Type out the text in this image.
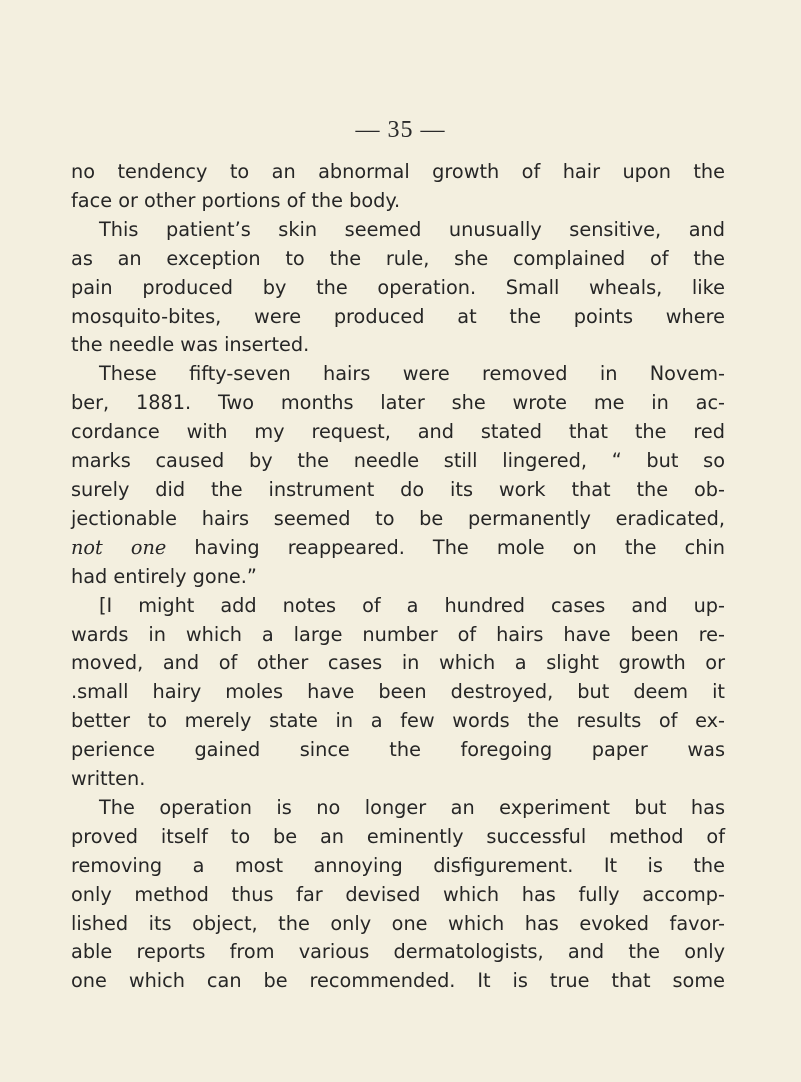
— 35 —
no tendency to an abnormal growth of hair upon the
face or other portions of the body.
This patient’s skin seemed unusually sensitive, and
as an exception to the rule, she complained of the
pain produced by the operation. Small wheals, like
mosquito-bites, were produced at the points where
the needle was inserted.
These fifty-seven hairs were removed in Novem-
ber, 1881. Two months later she wrote me in ac-
cordance with my request, and stated that the red
marks caused by the needle still lingered, “ but so
surely did the instrument do its work that the ob-
jectionable hairs seemed to be permanently eradicated,
not one having reappeared. The mole on the chin
had entirely gone.”
[I might add notes of a hundred cases and up-
wards in which a large number of hairs have been re-
moved, and of other cases in which a slight growth or
.small hairy moles have been destroyed, but deem it
better to merely state in a few words the results of ex-
perience gained since the foregoing paper was
written.
The operation is no longer an experiment but has
proved itself to be an eminently successful method of
removing a most annoying disfigurement. It is the
only method thus far devised which has fully accomp-
lished its object, the only one which has evoked favor-
able reports from various dermatologists, and the only
one which can be recommended. It is true that some
